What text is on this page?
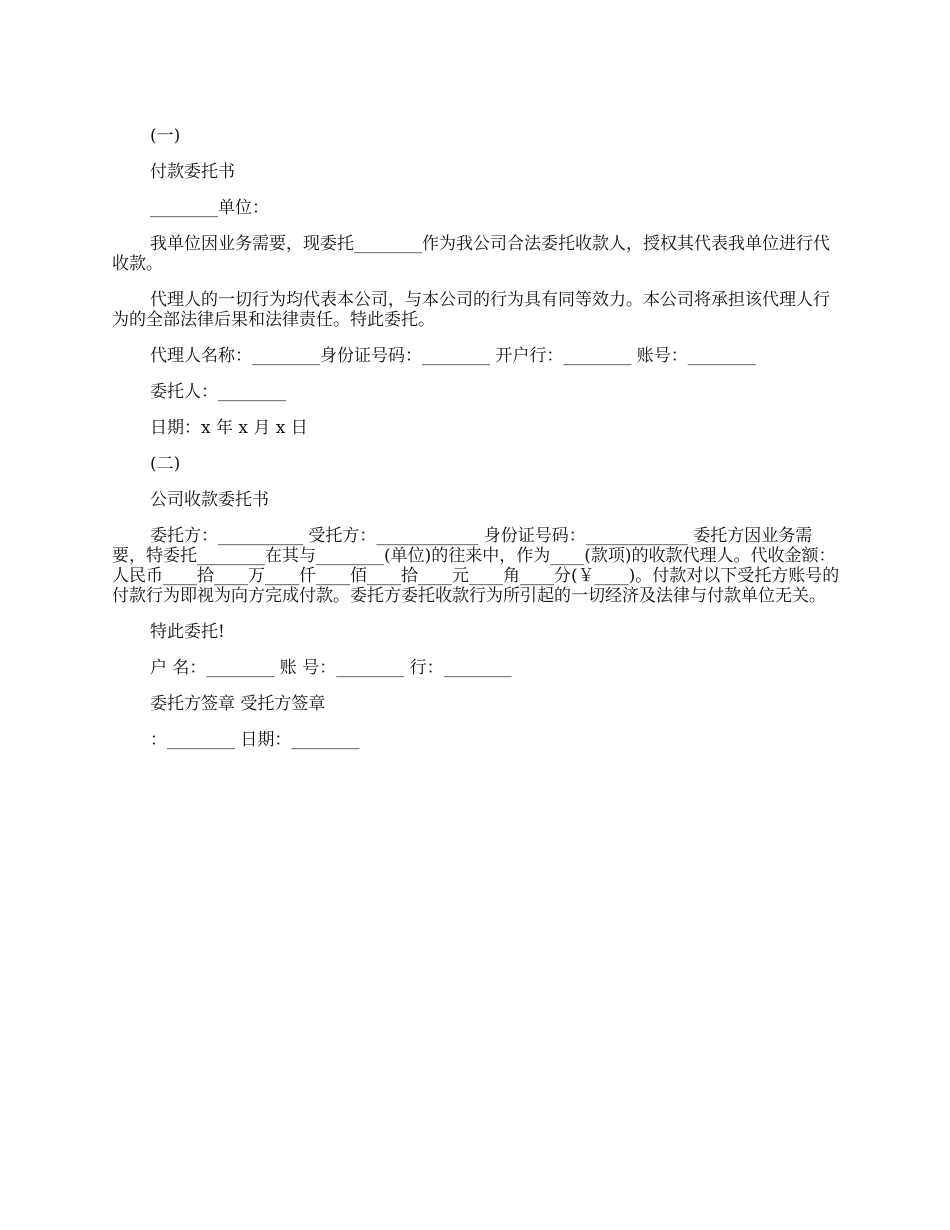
(一)

付款委托书

________单位：

我单位因业务需要，现委托________作为我公司合法委托收款人，授权其代表我单位进行代收款。

代理人的一切行为均代表本公司，与本公司的行为具有同等效力。本公司将承担该代理人行为的全部法律后果和法律责任。特此委托。

代理人名称：________身份证号码：________ 开户行：________ 账号：________

委托人：________

日期：x 年 x 月 x 日

(二)

公司收款委托书

委托方：__________ 受托方：____________ 身份证号码：____________ 委托方因业务需要，特委托________在其与________(单位)的往来中，作为____(款项)的收款代理人。代收金额：人民币____拾____万____仟____佰____拾____元____角____分(￥____)。付款对以下受托方账号的付款行为即视为向方完成付款。委托方委托收款行为所引起的一切经济及法律与付款单位无关。

特此委托!

户 名：________ 账 号：________ 行：________

委托方签章 受托方签章

：________ 日期：________
